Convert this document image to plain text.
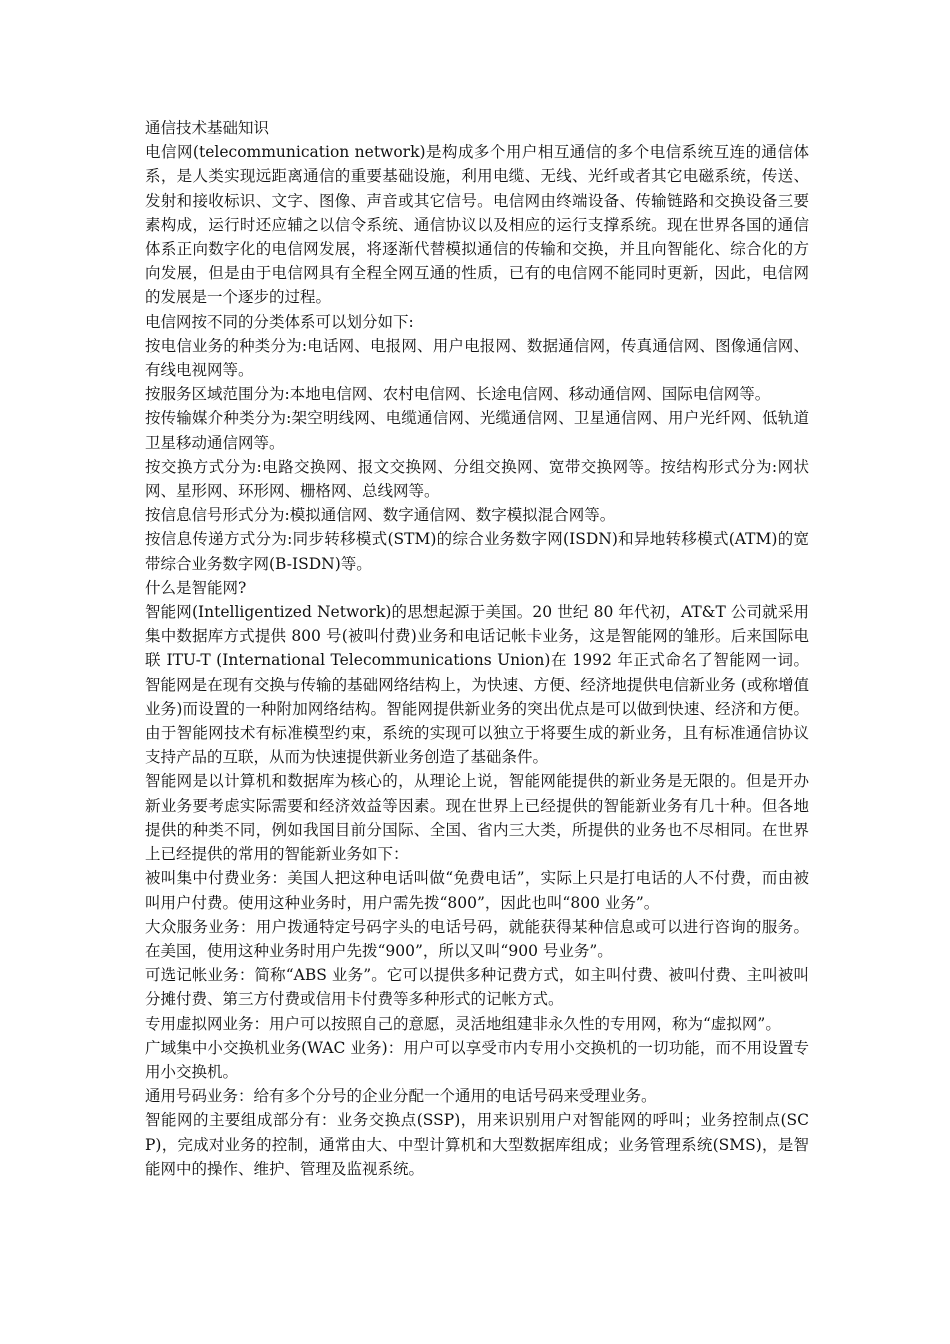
通信技术基础知识

电信网(telecommunication network)是构成多个用户相互通信的多个电信系统互连的通信体系，是人类实现远距离通信的重要基础设施，利用电缆、无线、光纤或者其它电磁系统，传送、发射和接收标识、文字、图像、声音或其它信号。电信网由终端设备、传输链路和交换设备三要素构成，运行时还应辅之以信令系统、通信协议以及相应的运行支撑系统。现在世界各国的通信体系正向数字化的电信网发展，将逐渐代替模拟通信的传输和交换，并且向智能化、综合化的方向发展，但是由于电信网具有全程全网互通的性质，已有的电信网不能同时更新，因此，电信网的发展是一个逐步的过程。

电信网按不同的分类体系可以划分如下:

按电信业务的种类分为:电话网、电报网、用户电报网、数据通信网，传真通信网、图像通信网、有线电视网等。

按服务区域范围分为:本地电信网、农村电信网、长途电信网、移动通信网、国际电信网等。

按传输媒介种类分为:架空明线网、电缆通信网、光缆通信网、卫星通信网、用户光纤网、低轨道卫星移动通信网等。

按交换方式分为:电路交换网、报文交换网、分组交换网、宽带交换网等。按结构形式分为:网状网、星形网、环形网、栅格网、总线网等。

按信息信号形式分为:模拟通信网、数字通信网、数字模拟混合网等。

按信息传递方式分为:同步转移模式(STM)的综合业务数字网(ISDN)和异地转移模式(ATM)的宽带综合业务数字网(B-ISDN)等。

什么是智能网?

智能网(Intelligentized Network)的思想起源于美国。20 世纪 80 年代初，AT&T 公司就采用集中数据库方式提供 800 号(被叫付费)业务和电话记帐卡业务，这是智能网的雏形。后来国际电联 ITU-T (International Telecommunications Union)在 1992 年正式命名了智能网一词。智能网是在现有交换与传输的基础网络结构上，为快速、方便、经济地提供电信新业务 (或称增值业务)而设置的一种附加网络结构。智能网提供新业务的突出优点是可以做到快速、经济和方便。由于智能网技术有标准模型约束，系统的实现可以独立于将要生成的新业务，且有标准通信协议支持产品的互联，从而为快速提供新业务创造了基础条件。

智能网是以计算机和数据库为核心的，从理论上说，智能网能提供的新业务是无限的。但是开办新业务要考虑实际需要和经济效益等因素。现在世界上已经提供的智能新业务有几十种。但各地提供的种类不同，例如我国目前分国际、全国、省内三大类，所提供的业务也不尽相同。在世界上已经提供的常用的智能新业务如下：

被叫集中付费业务：美国人把这种电话叫做“免费电话”，实际上只是打电话的人不付费，而由被叫用户付费。使用这种业务时，用户需先拨“800”，因此也叫“800 业务”。

大众服务业务：用户拨通特定号码字头的电话号码，就能获得某种信息或可以进行咨询的服务。在美国，使用这种业务时用户先拨“900”，所以又叫“900 号业务”。

可选记帐业务：简称“ABS 业务”。它可以提供多种记费方式，如主叫付费、被叫付费、主叫被叫分摊付费、第三方付费或信用卡付费等多种形式的记帐方式。

专用虚拟网业务：用户可以按照自己的意愿，灵活地组建非永久性的专用网，称为“虚拟网”。

广域集中小交换机业务(WAC 业务)：用户可以享受市内专用小交换机的一切功能，而不用设置专用小交换机。

通用号码业务：给有多个分号的企业分配一个通用的电话号码来受理业务。

智能网的主要组成部分有：业务交换点(SSP)，用来识别用户对智能网的呼叫；业务控制点(SCP)，完成对业务的控制，通常由大、中型计算机和大型数据库组成；业务管理系统(SMS)，是智能网中的操作、维护、管理及监视系统。
